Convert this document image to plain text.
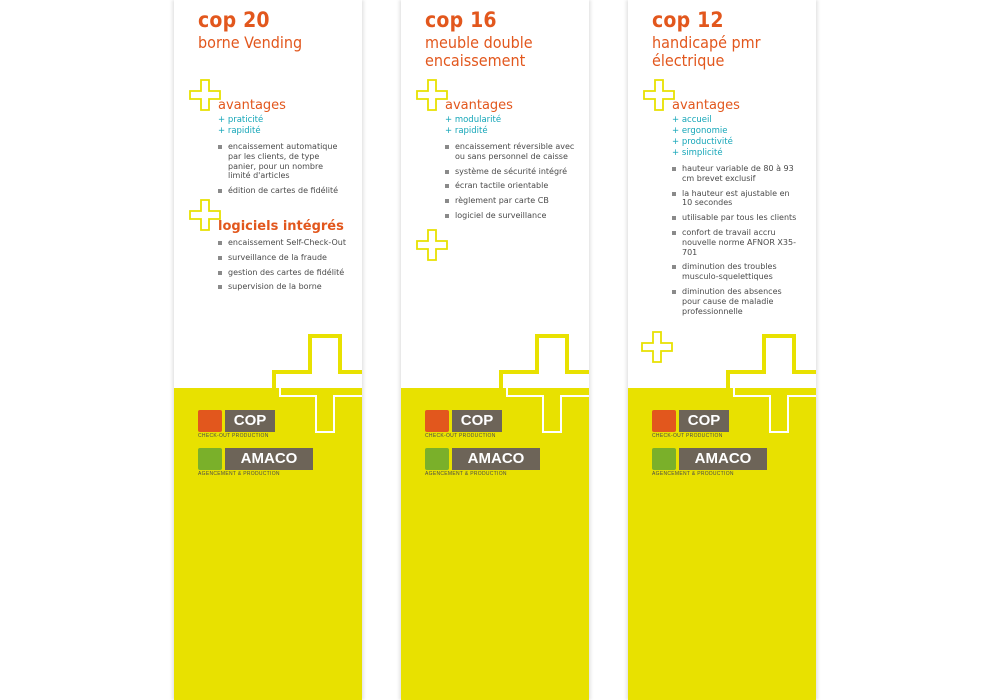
cop 20
borne Vending
avantages
+ praticité
+ rapidité
encaissement automatique par les clients, de type panier, pour un nombre limité d'articles
édition de cartes de fidélité
logiciels intégrés
encaissement Self-Check-Out
surveillance de la fraude
gestion des cartes de fidélité
supervision de la borne
COP
CHECK-OUT PRODUCTION
AMACO
AGENCEMENT & PRODUCTION
cop 16
meuble double encaissement
avantages
+ modularité
+ rapidité
encaissement réversible avec ou sans personnel de caisse
système de sécurité intégré
écran tactile orientable
règlement par carte CB
logiciel de surveillance
COP
CHECK-OUT PRODUCTION
AMACO
AGENCEMENT & PRODUCTION
cop 12
handicapé pmr électrique
avantages
+ accueil
+ ergonomie
+ productivité
+ simplicité
hauteur variable de 80 à 93 cm brevet exclusif
la hauteur est ajustable en 10 secondes
utilisable par tous les clients
confort de travail accru nouvelle norme AFNOR X35-701
diminution des troubles musculo-squelettiques
diminution des absences pour cause de maladie professionnelle
COP
CHECK-OUT PRODUCTION
AMACO
AGENCEMENT & PRODUCTION
